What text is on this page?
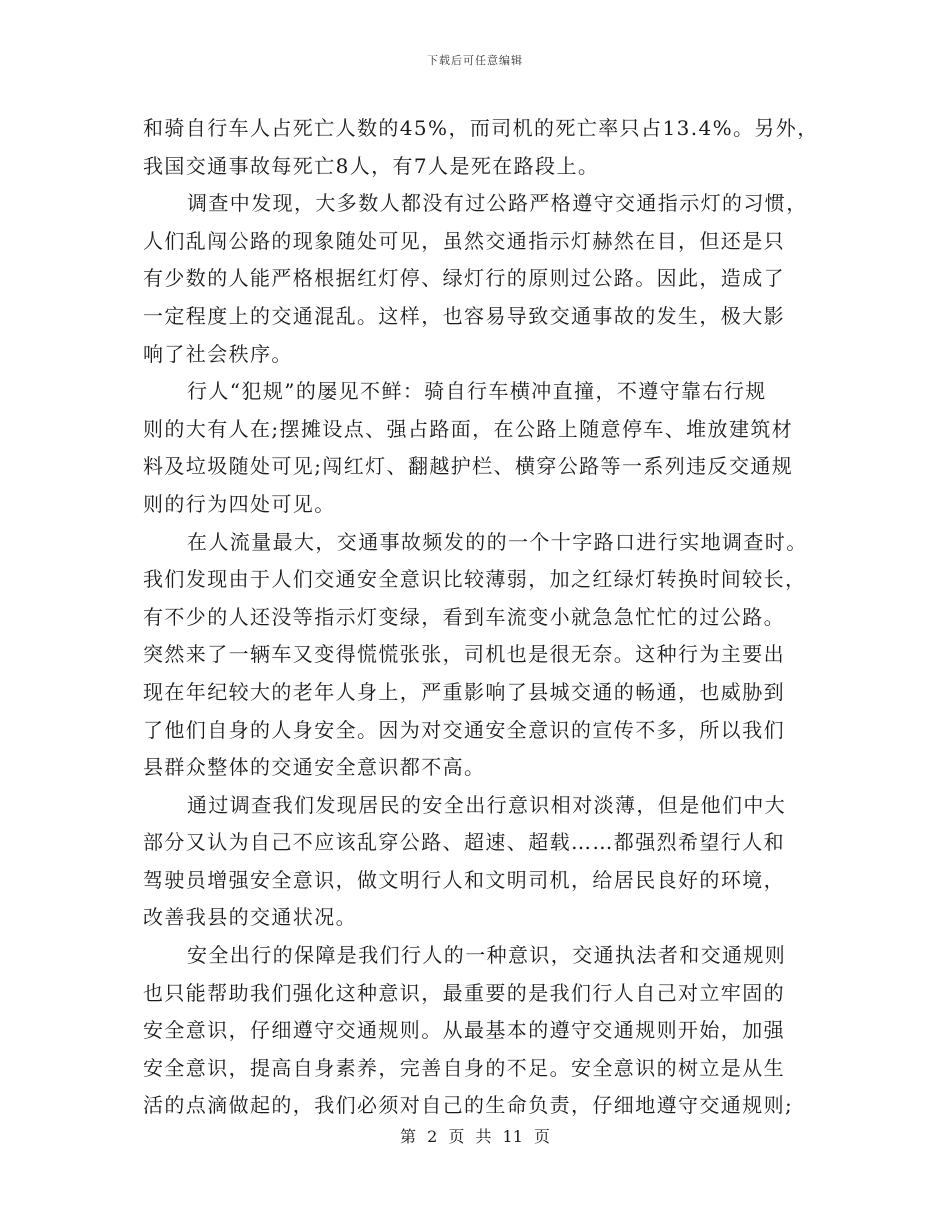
下载后可任意编辑
和骑自行车人占死亡人数的45%，而司机的死亡率只占13.4%。另外，
我国交通事故每死亡8人，有7人是死在路段上。
调查中发现，大多数人都没有过公路严格遵守交通指示灯的习惯，
人们乱闯公路的现象随处可见，虽然交通指示灯赫然在目，但还是只
有少数的人能严格根据红灯停、绿灯行的原则过公路。因此，造成了
一定程度上的交通混乱。这样，也容易导致交通事故的发生，极大影
响了社会秩序。
行人“犯规”的屡见不鲜：骑自行车横冲直撞，不遵守靠右行规
则的大有人在;摆摊设点、强占路面，在公路上随意停车、堆放建筑材
料及垃圾随处可见;闯红灯、翻越护栏、横穿公路等一系列违反交通规
则的行为四处可见。
在人流量最大，交通事故频发的的一个十字路口进行实地调查时。
我们发现由于人们交通安全意识比较薄弱，加之红绿灯转换时间较长，
有不少的人还没等指示灯变绿，看到车流变小就急急忙忙的过公路。
突然来了一辆车又变得慌慌张张，司机也是很无奈。这种行为主要出
现在年纪较大的老年人身上，严重影响了县城交通的畅通，也威胁到
了他们自身的人身安全。因为对交通安全意识的宣传不多，所以我们
县群众整体的交通安全意识都不高。
通过调查我们发现居民的安全出行意识相对淡薄，但是他们中大
部分又认为自己不应该乱穿公路、超速、超载……都强烈希望行人和
驾驶员增强安全意识，做文明行人和文明司机，给居民良好的环境，
改善我县的交通状况。
安全出行的保障是我们行人的一种意识，交通执法者和交通规则
也只能帮助我们强化这种意识，最重要的是我们行人自己对立牢固的
安全意识，仔细遵守交通规则。从最基本的遵守交通规则开始，加强
安全意识，提高自身素养，完善自身的不足。安全意识的树立是从生
活的点滴做起的，我们必须对自己的生命负责，仔细地遵守交通规则;
第 2 页 共 11 页
